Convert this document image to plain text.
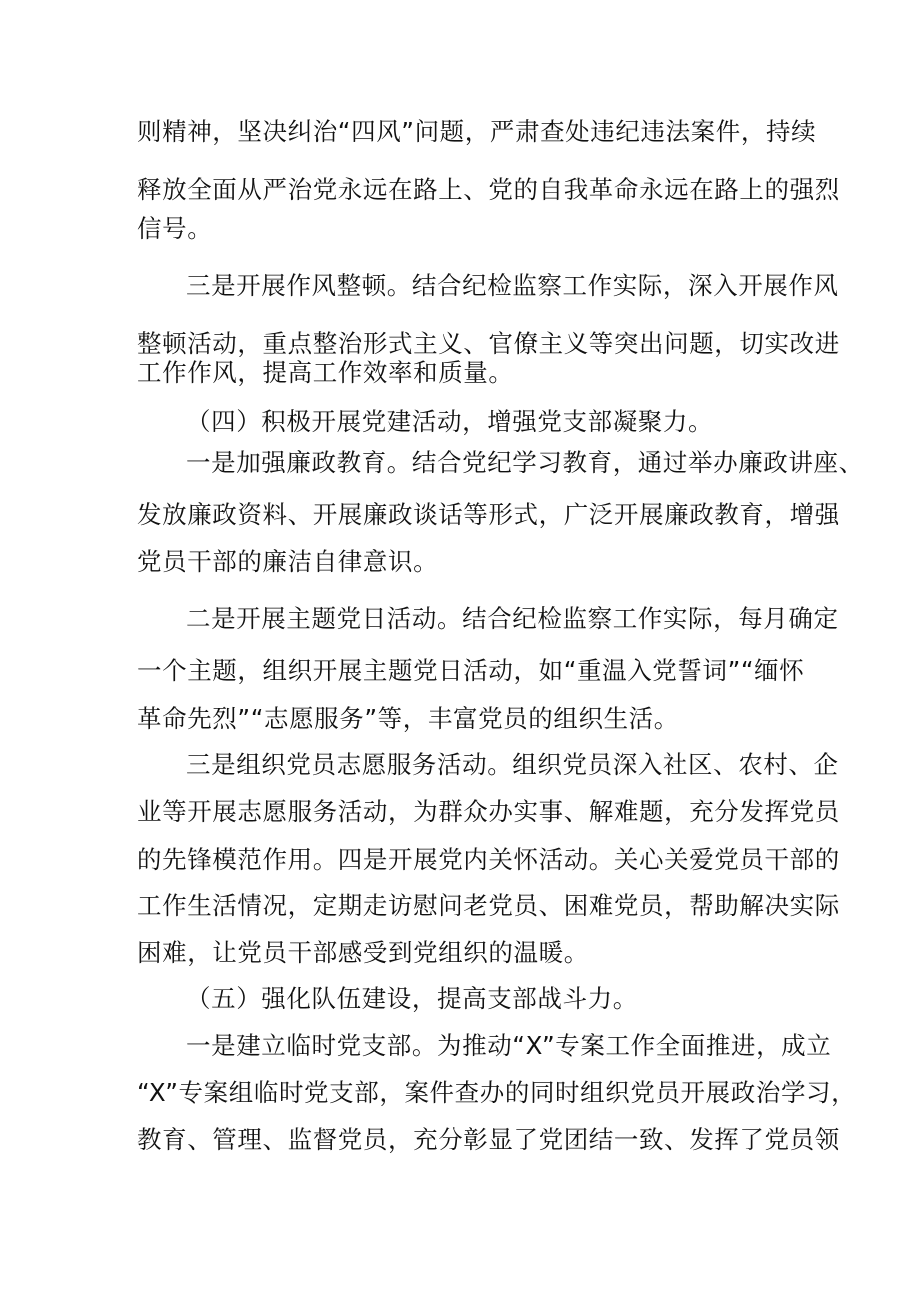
则精神，坚决纠治“四风”问题，严肃查处违纪违法案件，持续
释放全面从严治党永远在路上、党的自我革命永远在路上的强烈
信号。
三是开展作风整顿。结合纪检监察工作实际，深入开展作风
整顿活动，重点整治形式主义、官僚主义等突出问题，切实改进
工作作风，提高工作效率和质量。
（四）积极开展党建活动，增强党支部凝聚力。
一是加强廉政教育。结合党纪学习教育，通过举办廉政讲座、
发放廉政资料、开展廉政谈话等形式，广泛开展廉政教育，增强
党员干部的廉洁自律意识。
二是开展主题党日活动。结合纪检监察工作实际，每月确定
一个主题，组织开展主题党日活动，如“重温入党誓词”“缅怀
革命先烈”“志愿服务”等，丰富党员的组织生活。
三是组织党员志愿服务活动。组织党员深入社区、农村、企
业等开展志愿服务活动，为群众办实事、解难题，充分发挥党员
的先锋模范作用。四是开展党内关怀活动。关心关爱党员干部的
工作生活情况，定期走访慰问老党员、困难党员，帮助解决实际
困难，让党员干部感受到党组织的温暖。
（五）强化队伍建设，提高支部战斗力。
一是建立临时党支部。为推动“X”专案工作全面推进，成立
“X”专案组临时党支部，案件查办的同时组织党员开展政治学习，
教育、管理、监督党员，充分彰显了党团结一致、发挥了党员领
